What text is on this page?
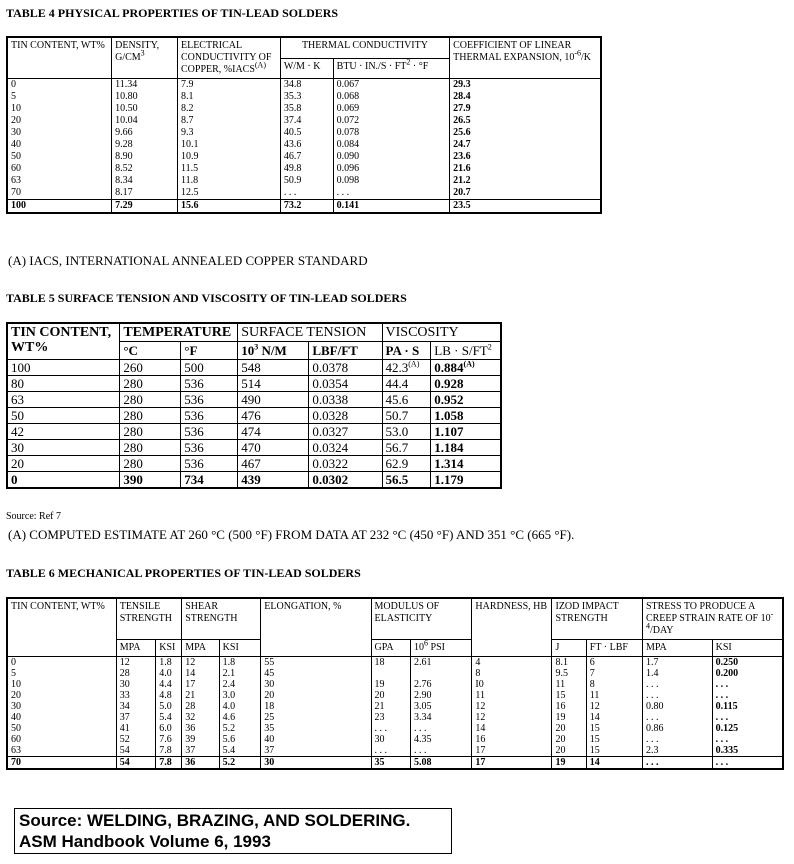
TABLE 4 PHYSICAL PROPERTIES OF TIN-LEAD SOLDERS
TIN CONTENT, WT%	DENSITY, $G/CM^3$	ELECTRICAL CONDUCTIVITY OF COPPER, $\%IACS^{(A)}$	THERMAL CONDUCTIVITY		COEFFICIENT OF LINEAR THERMAL EXPANSION, $10^{-6}/K$
			W/M · K	BTU · $IN./S \cdot FT^2 \cdot ^\circ F$	
0	11.34	7.9	34.8	0.067	29.3
5	10.80	8.1	35.3	0.068	28.4
10	10.50	8.2	35.8	0.069	27.9
20	10.04	8.7	37.4	0.072	26.5
30	9.66	9.3	40.5	0.078	25.6
40	9.28	10.1	43.6	0.084	24.7
50	8.90	10.9	46.7	0.090	23.6
60	8.52	11.5	49.8	0.096	21.6
63	8.34	11.8	50.9	0.098	21.2
70	8.17	12.5	. . .	. . .	20.7
100	7.29	15.6	73.2	0.141	23.5
(A) IACS, INTERNATIONAL ANNEALED COPPER STANDARD
TABLE 5 SURFACE TENSION AND VISCOSITY OF TIN-LEAD SOLDERS
TIN CONTENT, WT%	TEMPERATURE		SURFACE TENSION		VISCOSITY	
	°C	°F	$10^3$ N/M	LBF/FT	PA · S	LB · $S/FT^2$
100	260	500	548	0.0378	$42.3^{(A)}$	$0.884^{(A)}$
80	280	536	514	0.0354	44.4	0.928
63	280	536	490	0.0338	45.6	0.952
50	280	536	476	0.0328	50.7	1.058
42	280	536	474	0.0327	53.0	1.107
30	280	536	470	0.0324	56.7	1.184
20	280	536	467	0.0322	62.9	1.314
0	390	734	439	0.0302	56.5	1.179
Source: Ref 7
(A) COMPUTED ESTIMATE AT 260 °C (500 °F) FROM DATA AT 232 °C (450 °F) AND 351 °C (665 °F).
TABLE 6 MECHANICAL PROPERTIES OF TIN-LEAD SOLDERS
TIN CONTENT, WT%	TENSILE STRENGTH		SHEAR STRENGTH		ELONGATION, %	MODULUS OF ELASTICITY		HARDNESS, HB	IZOD IMPACT STRENGTH		STRESS TO PRODUCE A CREEP STRAIN RATE OF $10^{-4}$/DAY	
	MPA	KSI	MPA	KSI		GPA	$10^6$ PSI		J	FT · LBF	MPA	KSI
0	12	1.8	12	1.8	55	18	2.61	4	8.1	6	1.7	0.250
5	28	4.0	14	2.1	45			8	9.5	7	1.4	0.200
10	30	4.4	17	2.4	30	19	2.76	I0	11	8	. . .	. . .
20	33	4.8	21	3.0	20	20	2.90	11	15	11	. . .	. . .
30	34	5.0	28	4.0	18	21	3.05	12	16	12	0.80	0.115
40	37	5.4	32	4.6	25	23	3.34	12	19	14	. . .	. . .
50	41	6.0	36	5.2	35	. . .	. . .	14	20	15	0.86	0.125
60	52	7.6	39	5.6	40	30	4.35	16	20	15	. . .	. . .
63	54	7.8	37	5.4	37	. . .	. . .	17	20	15	2.3	0.335
70	54	7.8	36	5.2	30	35	5.08	17	19	14	. . .	. . .
Source: WELDING, BRAZING, AND SOLDERING.
ASM Handbook Volume 6, 1993
